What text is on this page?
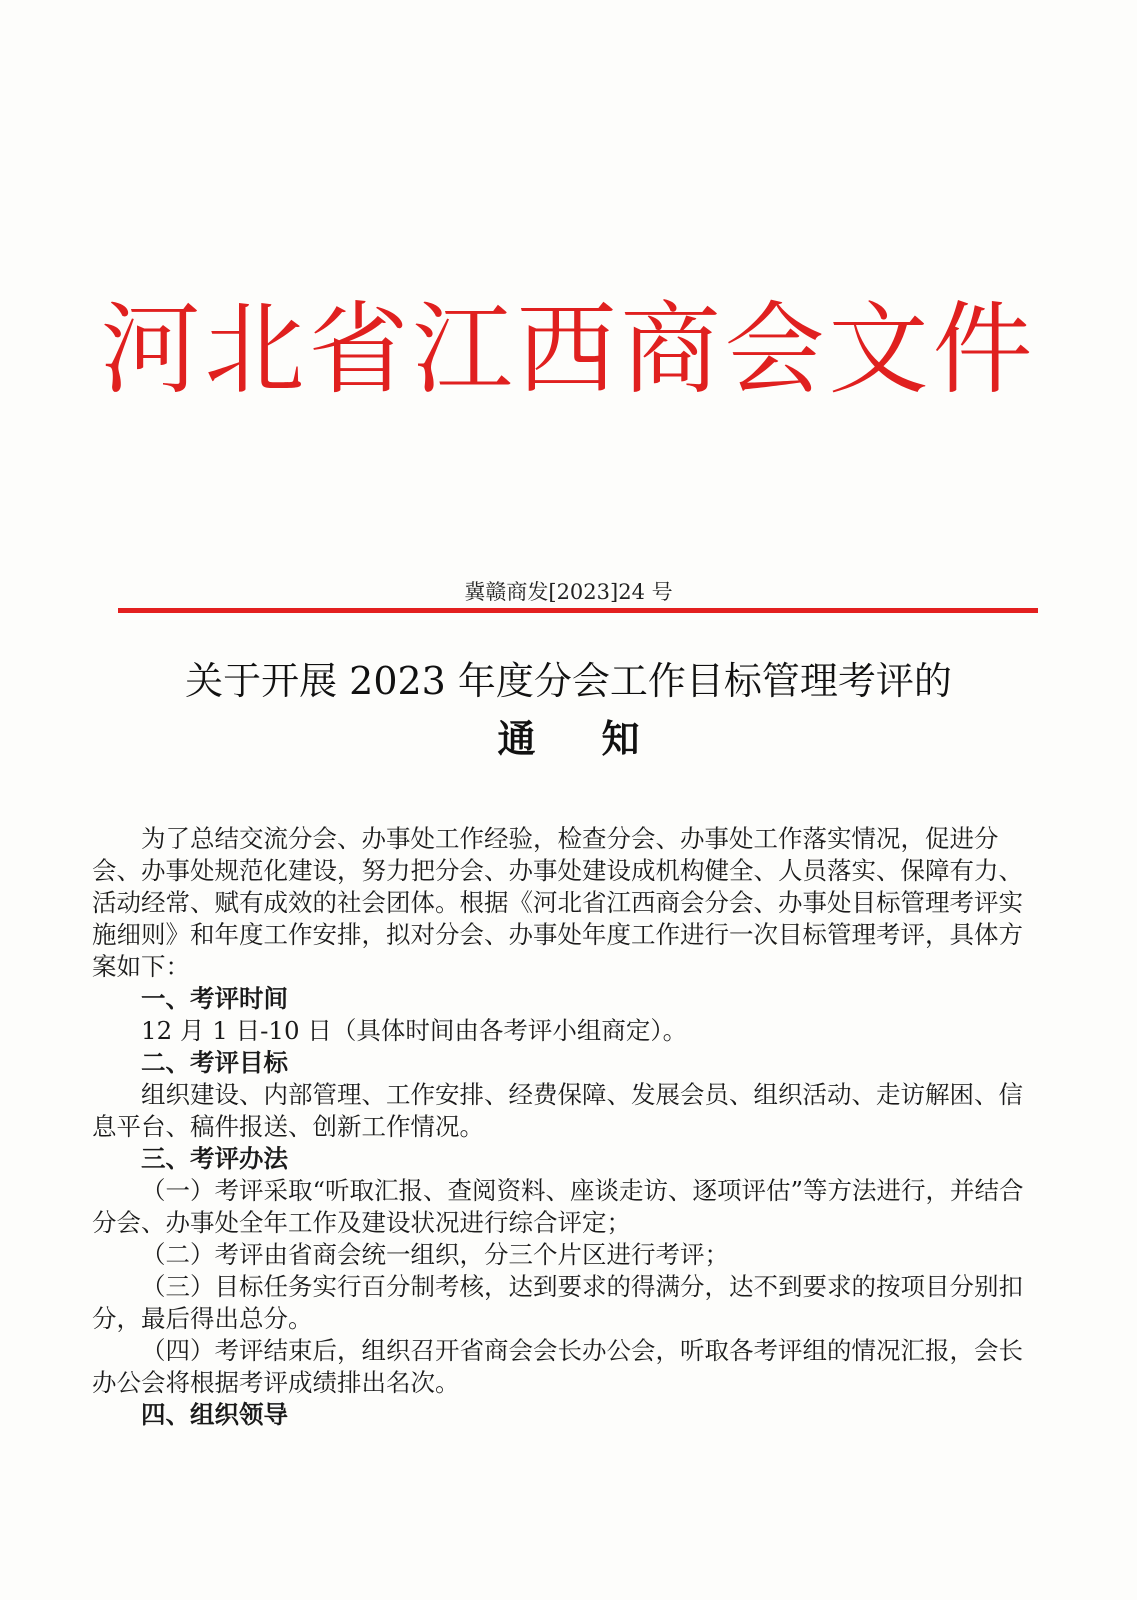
河北省江西商会文件
冀赣商发[2023]24 号
关于开展 2023 年度分会工作目标管理考评的
通知

为了总结交流分会、办事处工作经验，检查分会、办事处工作落实情况，促进分会、办事处规范化建设，努力把分会、办事处建设成机构健全、人员落实、保障有力、活动经常、赋有成效的社会团体。根据《河北省江西商会分会、办事处目标管理考评实施细则》和年度工作安排，拟对分会、办事处年度工作进行一次目标管理考评，具体方案如下：

一、考评时间

12 月 1 日-10 日（具体时间由各考评小组商定）。

二、考评目标

组织建设、内部管理、工作安排、经费保障、发展会员、组织活动、走访解困、信息平台、稿件报送、创新工作情况。

三、考评办法

（一）考评采取“听取汇报、查阅资料、座谈走访、逐项评估”等方法进行，并结合分会、办事处全年工作及建设状况进行综合评定；

（二）考评由省商会统一组织，分三个片区进行考评；

（三）目标任务实行百分制考核，达到要求的得满分，达不到要求的按项目分别扣分，最后得出总分。

（四）考评结束后，组织召开省商会会长办公会，听取各考评组的情况汇报，会长办公会将根据考评成绩排出名次。

四、组织领导
